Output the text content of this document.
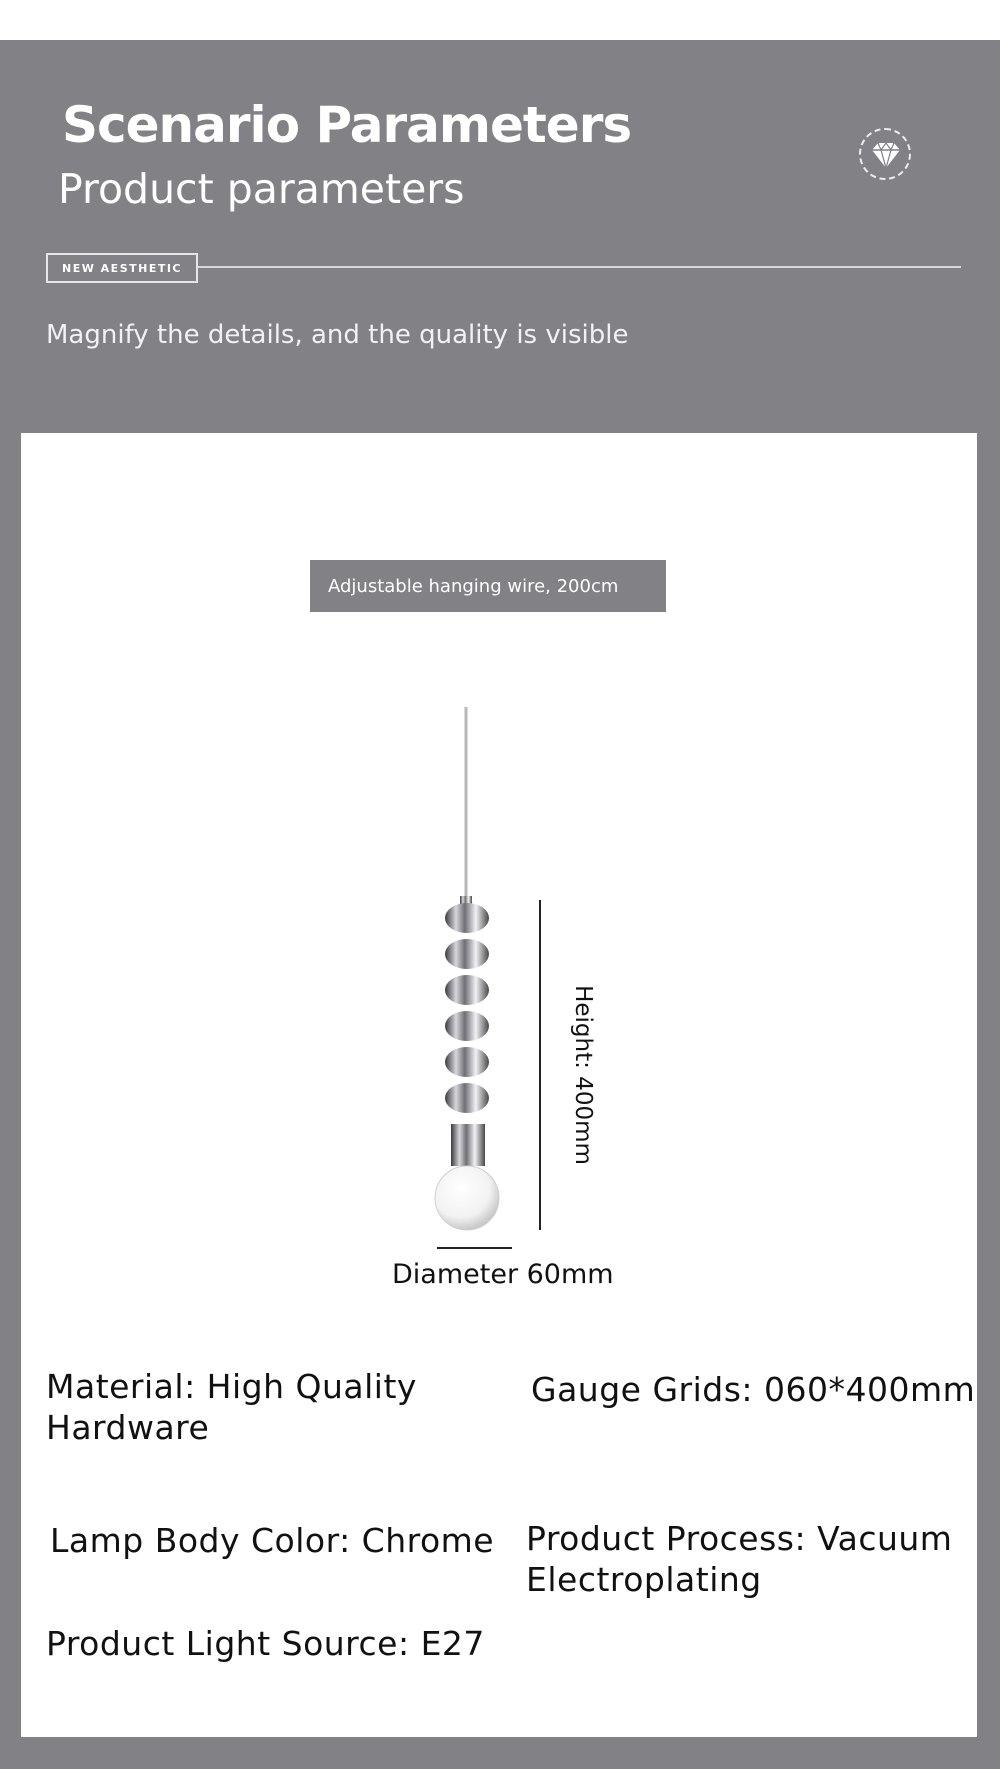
Scenario Parameters
Product parameters
NEW AESTHETIC
Magnify the details, and the quality is visible
Adjustable hanging wire, 200cm
Height: 400mm
Diameter 60mm
Material: High Quality Hardware
Gauge Grids: 060*400mm
Lamp Body Color: Chrome Product Process: Vacuum Electroplating
Product Light Source: E27
